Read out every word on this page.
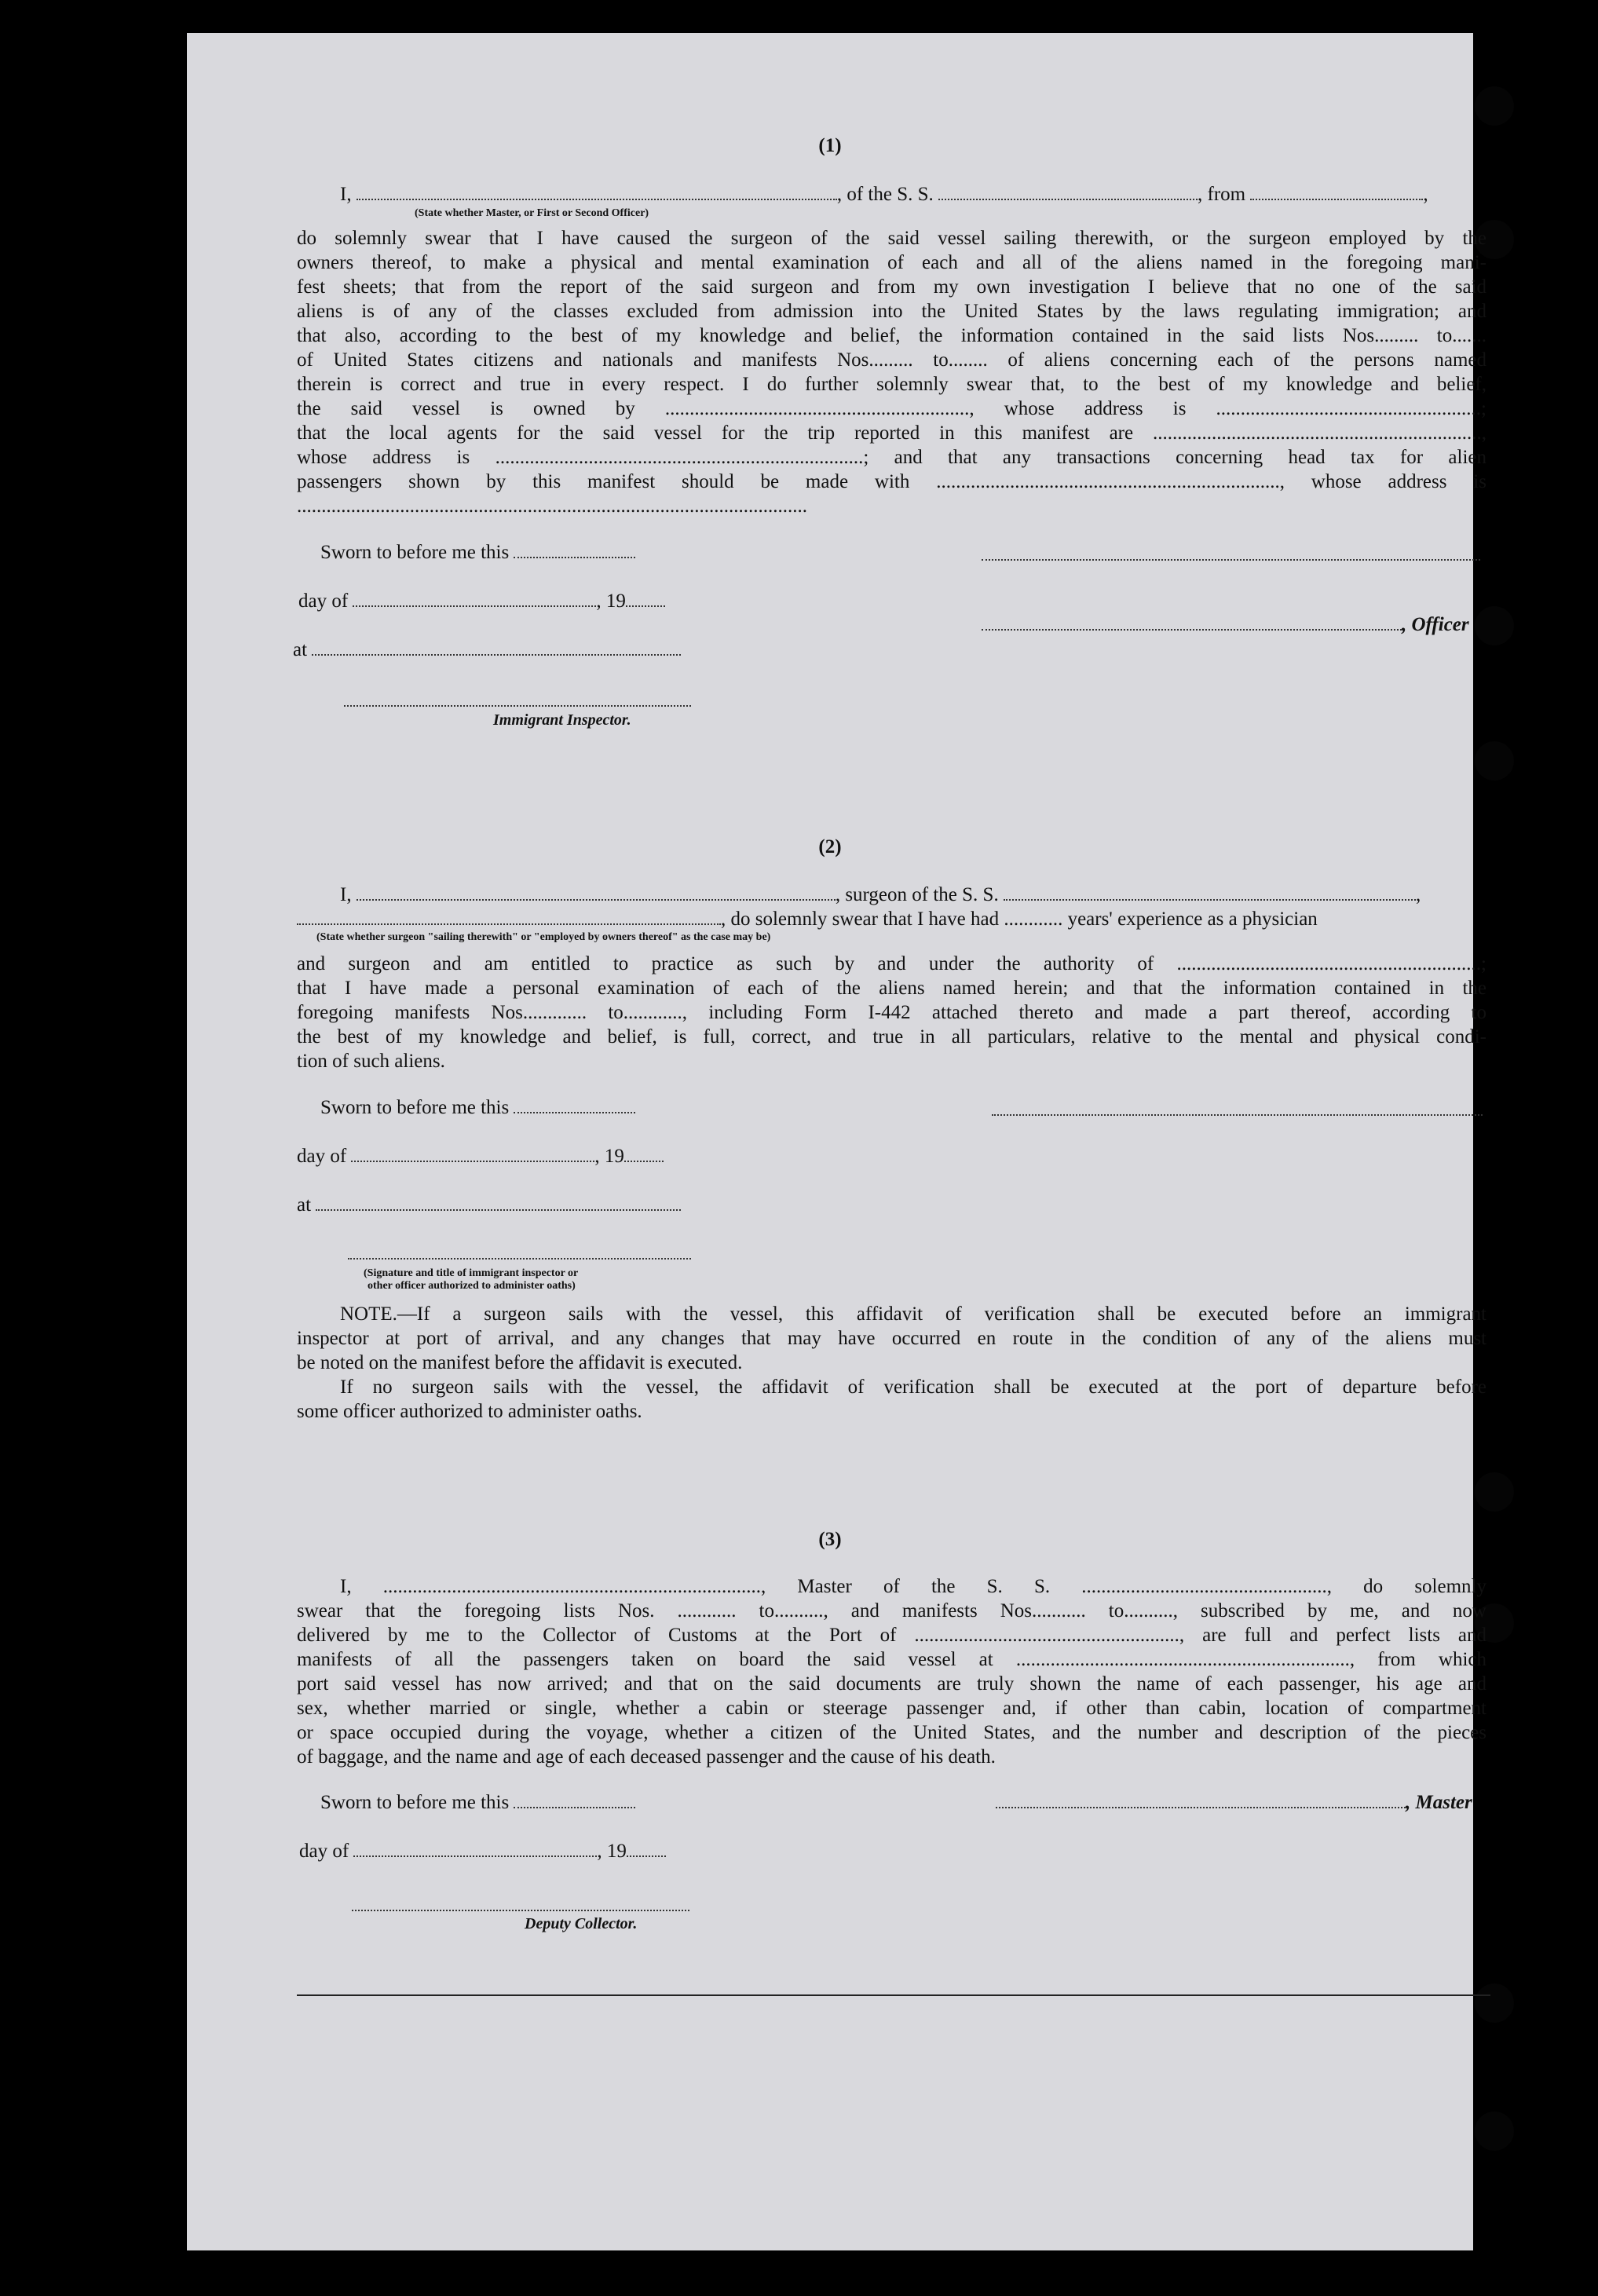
(1)
I,	, of the S. S.	, from	,
(State whether Master, or First or Second Officer)
do solemnly swear that I have caused the surgeon of the said vessel sailing therewith, or the surgeon employed by the
owners thereof, to make a physical and mental examination of each and all of the aliens named in the foregoing mani-
fest sheets; that from the report of the said surgeon and from my own investigation I believe that no one of the said
aliens is of any of the classes excluded from admission into the United States by the laws regulating immigration; and
that also, according to the best of my knowledge and belief, the information contained in the said lists Nos......... to.......
of United States citizens and nationals and manifests Nos......... to........ of aliens concerning each of the persons named
therein is correct and true in every respect. I do further solemnly swear that, to the best of my knowledge and belief,
the said vessel is owned by .............................................................., whose address is ......................................................;
that the local agents for the said vessel for the trip reported in this manifest are ...................................................................,
whose address is ...........................................................................; and that any transactions concerning head tax for alien
passengers shown by this manifest should be made with ......................................................................, whose address is
........................................................................................................
Sworn to before me this
day of	, 19
at
, Officer
Immigrant Inspector.
(2)
I,	, surgeon of the S. S.	,
, do solemnly swear that I have had ............ years' experience as a physician
(State whether surgeon "sailing therewith" or "employed by owners thereof" as the case may be)
and surgeon and am entitled to practice as such by and under the authority of ..............................................................;
that I have made a personal examination of each of the aliens named herein; and that the information contained in the
foregoing manifests Nos............. to............, including Form I-442 attached thereto and made a part thereof, according to
the best of my knowledge and belief, is full, correct, and true in all particulars, relative to the mental and physical condi-
tion of such aliens.
Sworn to before me this
day of	, 19
at
(Signature and title of immigrant inspector or
other officer authorized to administer oaths)
NOTE.—If a surgeon sails with the vessel, this affidavit of verification shall be executed before an immigrant
inspector at port of arrival, and any changes that may have occurred en route in the condition of any of the aliens must
be noted on the manifest before the affidavit is executed.
If no surgeon sails with the vessel, the affidavit of verification shall be executed at the port of departure before
some officer authorized to administer oaths.
(3)
I, ............................................................................., Master of the S. S. .................................................., do solemnly
swear that the foregoing lists Nos. ............ to.........., and manifests Nos........... to.........., subscribed by me, and now
delivered by me to the Collector of Customs at the Port of ......................................................, are full and perfect lists and
manifests of all the passengers taken on board the said vessel at ...................................................................., from which
port said vessel has now arrived; and that on the said documents are truly shown the name of each passenger, his age and
sex, whether married or single, whether a cabin or steerage passenger and, if other than cabin, location of compartment
or space occupied during the voyage, whether a citizen of the United States, and the number and description of the pieces
of baggage, and the name and age of each deceased passenger and the cause of his death.
Sworn to before me this	, Master
day of	, 19
Deputy Collector.
